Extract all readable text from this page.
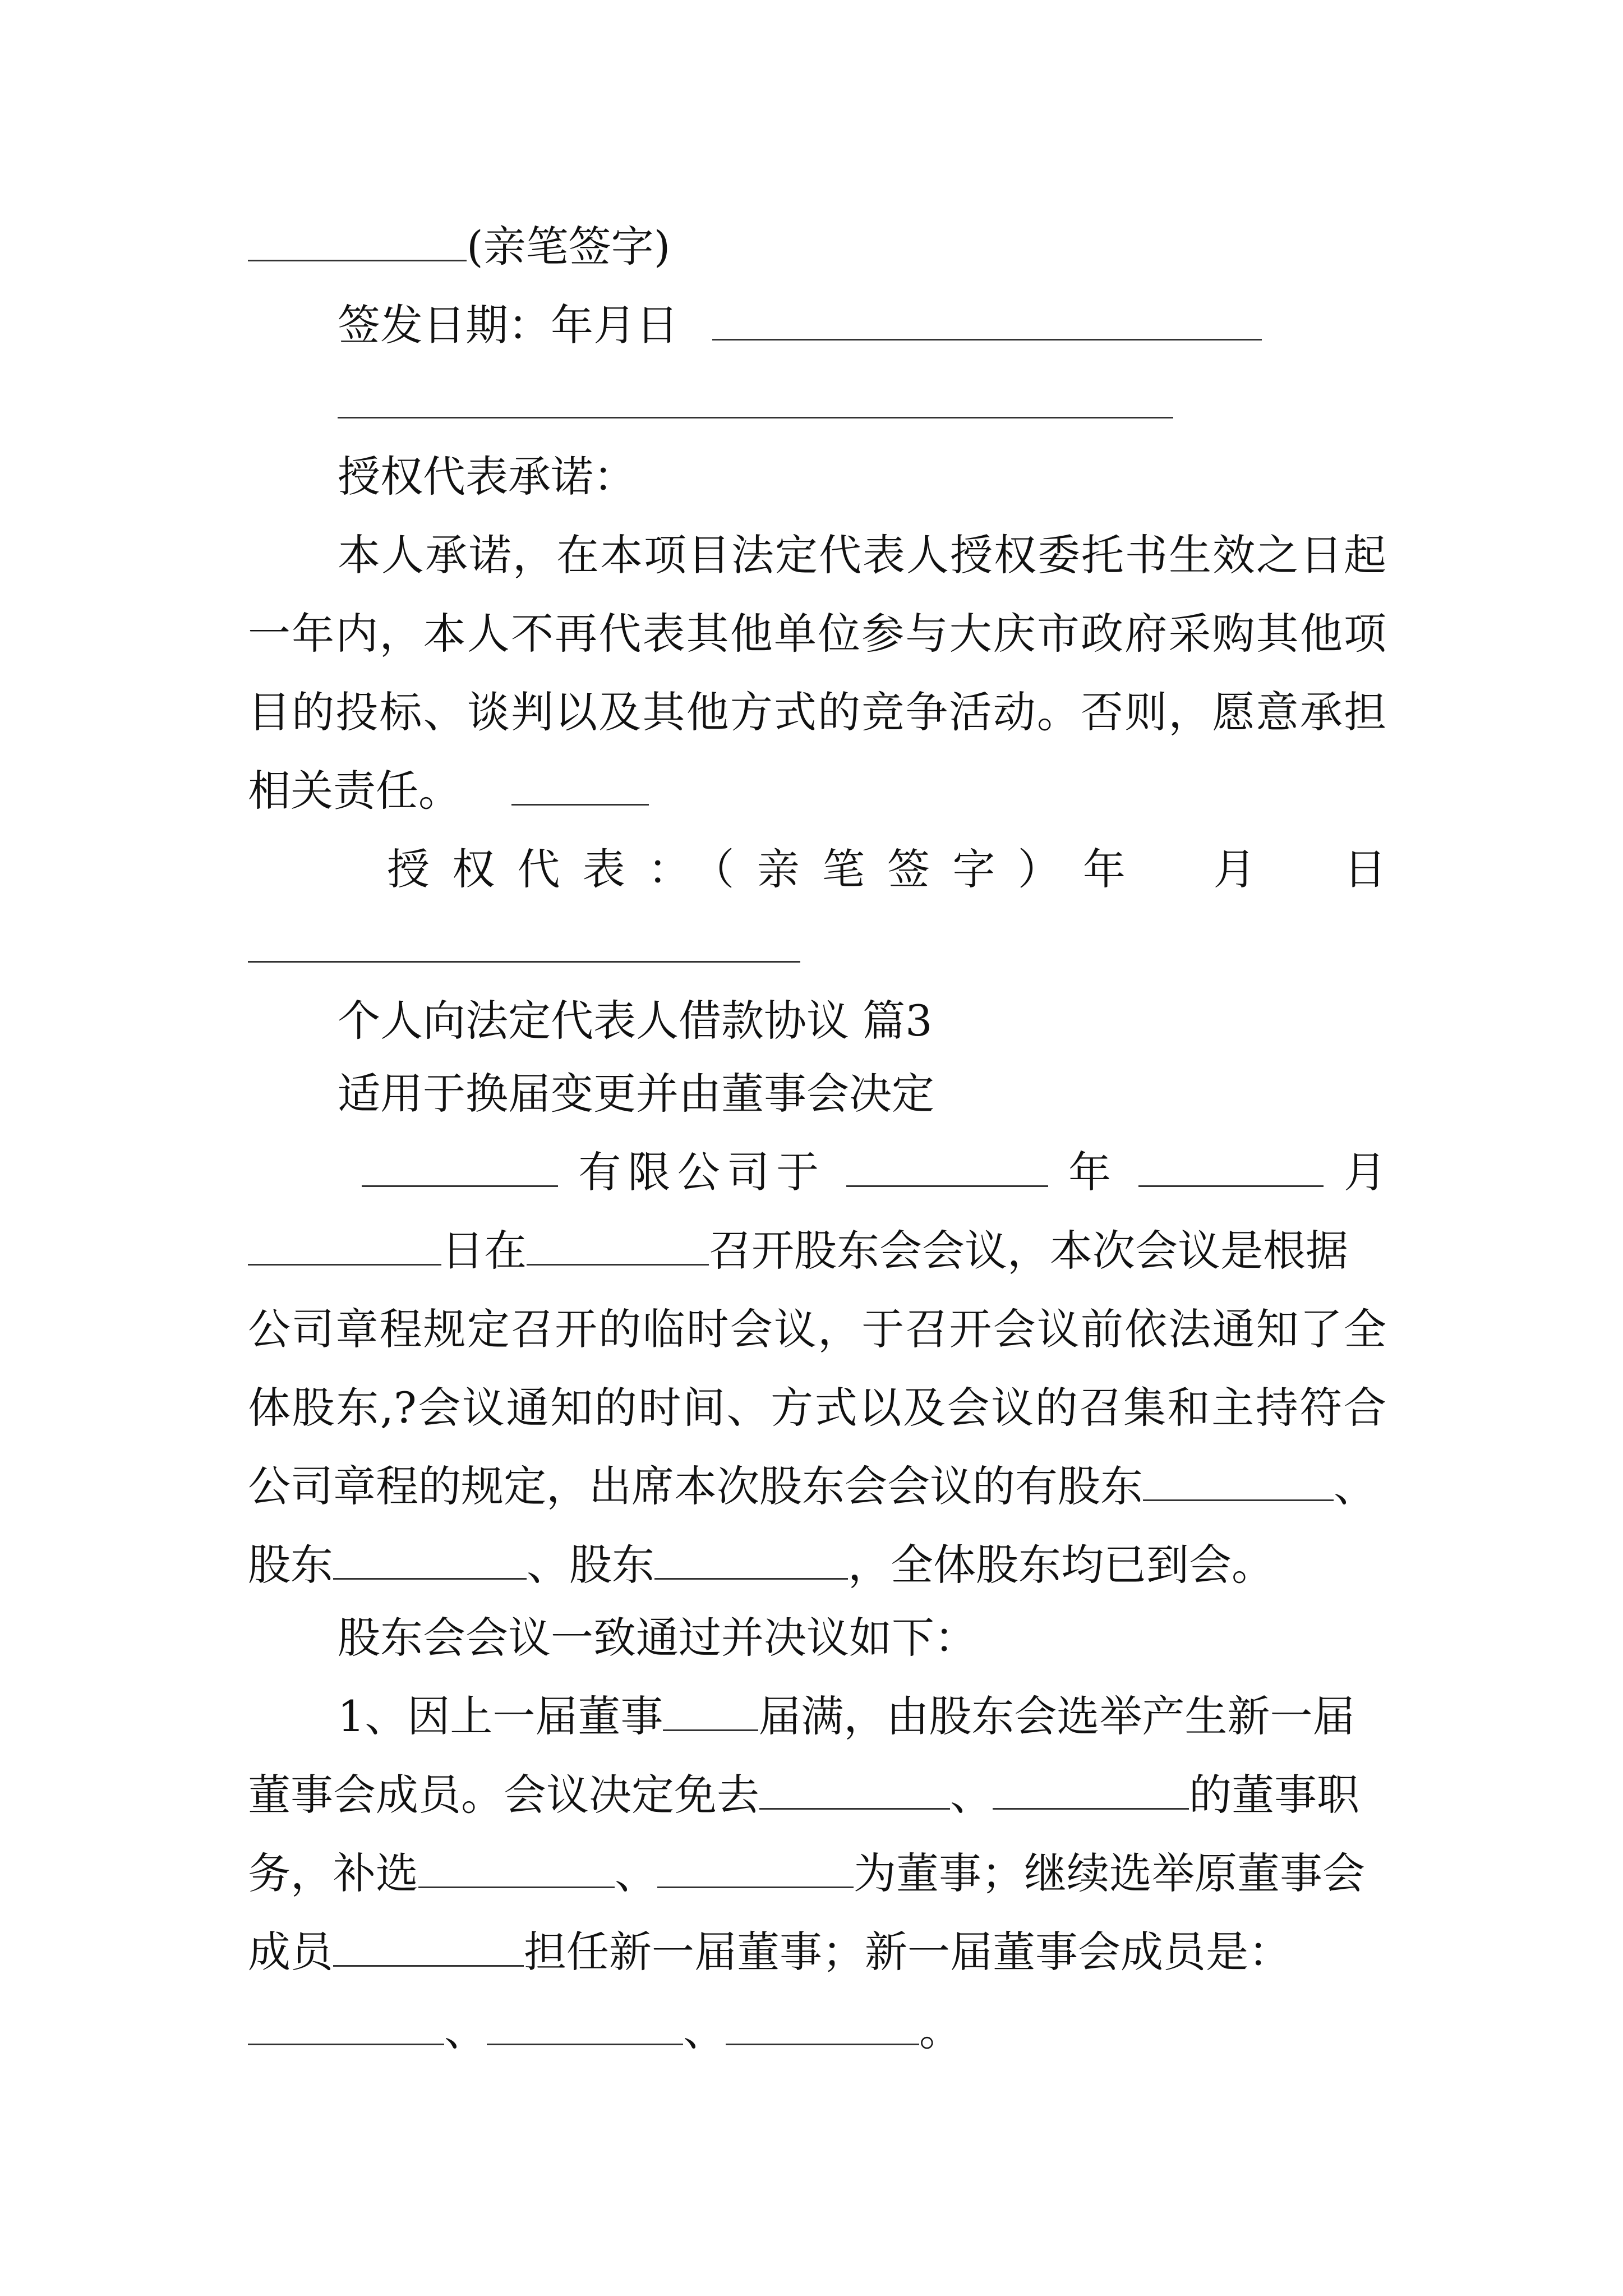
(亲笔签字)
签发日期：年月日
授权代表承诺：
本人承诺，在本项目法定代表人授权委托书生效之日起
一年内，本人不再代表其他单位参与大庆市政府采购其他项
目的投标、谈判以及其他方式的竞争活动。否则，愿意承担
相关责任。
授权代表：（亲笔签字）年　月　日
个人向法定代表人借款协议 篇3
适用于换届变更并由董事会决定
有限公司于	年	月
日在	召开股东会会议，本次会议是根据
公司章程规定召开的临时会议，于召开会议前依法通知了全
体股东,?会议通知的时间、方式以及会议的召集和主持符合
公司章程的规定，出席本次股东会会议的有股东	、
股东	、股东	，全体股东均已到会。
股东会会议一致通过并决议如下：
1、因上一届董事 届满，由股东会选举产生新一届
董事会成员。会议决定免去	、	的董事职
务，补选	、	为董事；继续选举原董事会
成员	担任新一届董事；新一届董事会成员是：
、	、	。
